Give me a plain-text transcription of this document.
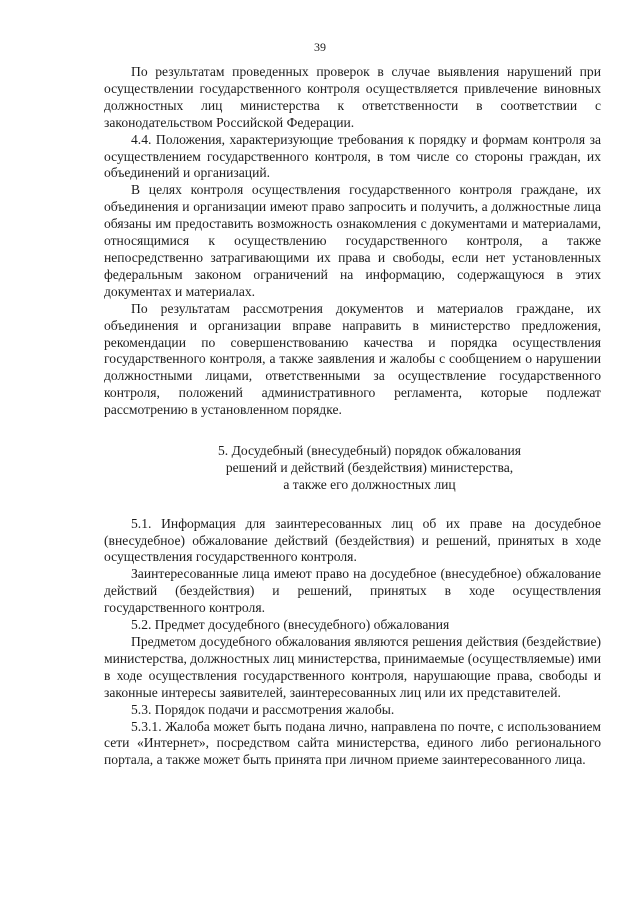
39

По результатам проведенных проверок в случае выявления нарушений при осуществлении государственного контроля осуществляется привлечение виновных должностных лиц министерства к ответственности в соответствии с законодательством Российской Федерации.

4.4. Положения, характеризующие требования к порядку и формам контроля за осуществлением государственного контроля, в том числе со стороны граждан, их объединений и организаций.

В целях контроля осуществления государственного контроля граждане, их объединения и организации имеют право запросить и получить, а должностные лица обязаны им предоставить возможность ознакомления с документами и материалами, относящимися к осуществлению государственного контроля, а также непосредственно затрагивающими их права и свободы, если нет установленных федеральным законом ограничений на информацию, содержащуюся в этих документах и материалах.

По результатам рассмотрения документов и материалов граждане, их объединения и организации вправе направить в министерство предложения, рекомендации по совершенствованию качества и порядка осуществления государственного контроля, а также заявления и жалобы с сообщением о нарушении должностными лицами, ответственными за осуществление государственного контроля, положений административного регламента, которые подлежат рассмотрению в установленном порядке.

5. Досудебный (внесудебный) порядок обжалования
решений и действий (бездействия) министерства,
а также его должностных лиц

5.1. Информация для заинтересованных лиц об их праве на досудебное (внесудебное) обжалование действий (бездействия) и решений, принятых в ходе осуществления государственного контроля.

Заинтересованные лица имеют право на досудебное (внесудебное) обжалование действий (бездействия) и решений, принятых в ходе осуществления государственного контроля.

5.2. Предмет досудебного (внесудебного) обжалования

Предметом досудебного обжалования являются решения действия (бездействие) министерства, должностных лиц министерства, принимаемые (осуществляемые) ими в ходе осуществления государственного контроля, нарушающие права, свободы и законные интересы заявителей, заинтересованных лиц или их представителей.

5.3. Порядок подачи и рассмотрения жалобы.

5.3.1. Жалоба может быть подана лично, направлена по почте, с использованием сети «Интернет», посредством сайта министерства, единого либо регионального портала, а также может быть принята при личном приеме заинтересованного лица.
